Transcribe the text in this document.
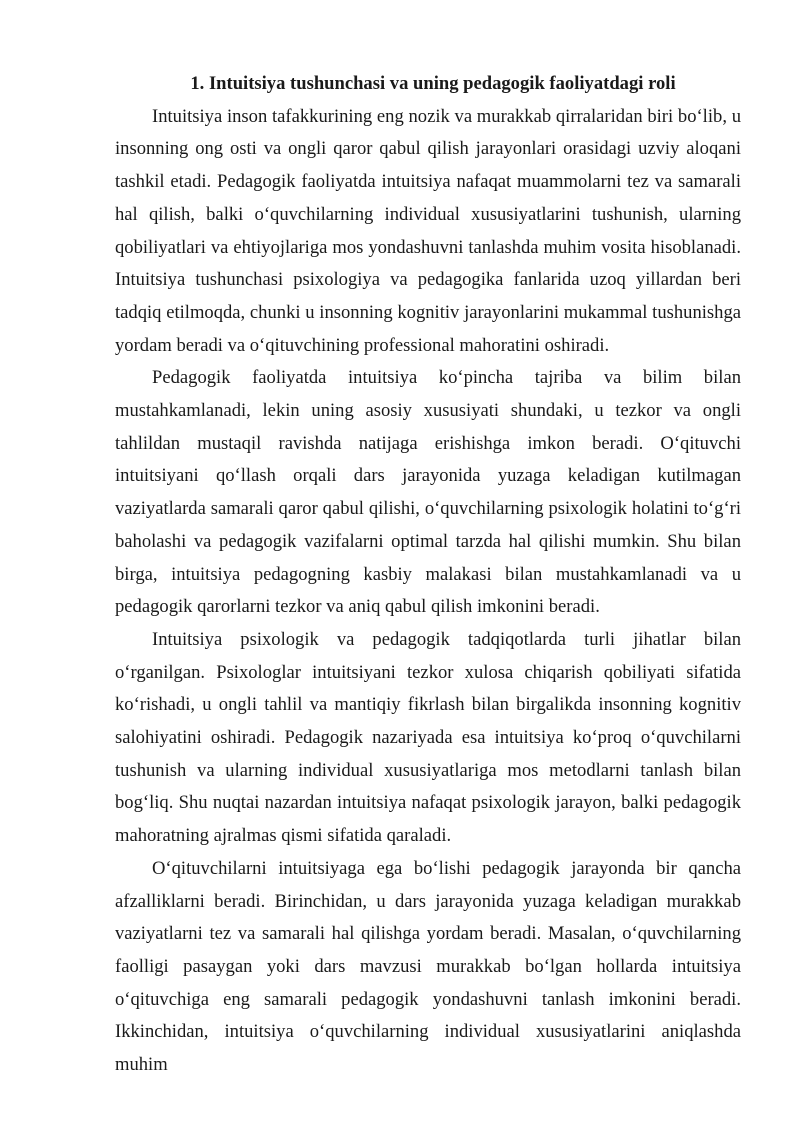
1. Intuitsiya tushunchasi va uning pedagogik faoliyatdagi roli

Intuitsiya inson tafakkurining eng nozik va murakkab qirralaridan biri bo‘lib, u insonning ong osti va ongli qaror qabul qilish jarayonlari orasidagi uzviy aloqani tashkil etadi. Pedagogik faoliyatda intuitsiya nafaqat muammolarni tez va samarali hal qilish, balki o‘quvchilarning individual xususiyatlarini tushunish, ularning qobiliyatlari va ehtiyojlariga mos yondashuvni tanlashda muhim vosita hisoblanadi. Intuitsiya tushunchasi psixologiya va pedagogika fanlarida uzoq yillardan beri tadqiq etilmoqda, chunki u insonning kognitiv jarayonlarini mukammal tushunishga yordam beradi va o‘qituvchining professional mahoratini oshiradi.

Pedagogik faoliyatda intuitsiya ko‘pincha tajriba va bilim bilan mustahkamlanadi, lekin uning asosiy xususiyati shundaki, u tezkor va ongli tahlildan mustaqil ravishda natijaga erishishga imkon beradi. O‘qituvchi intuitsiyani qo‘llash orqali dars jarayonida yuzaga keladigan kutilmagan vaziyatlarda samarali qaror qabul qilishi, o‘quvchilarning psixologik holatini to‘g‘ri baholashi va pedagogik vazifalarni optimal tarzda hal qilishi mumkin. Shu bilan birga, intuitsiya pedagogning kasbiy malakasi bilan mustahkamlanadi va u pedagogik qarorlarni tezkor va aniq qabul qilish imkonini beradi.

Intuitsiya psixologik va pedagogik tadqiqotlarda turli jihatlar bilan o‘rganilgan. Psixologlar intuitsiyani tezkor xulosa chiqarish qobiliyati sifatida ko‘rishadi, u ongli tahlil va mantiqiy fikrlash bilan birgalikda insonning kognitiv salohiyatini oshiradi. Pedagogik nazariyada esa intuitsiya ko‘proq o‘quvchilarni tushunish va ularning individual xususiyatlariga mos metodlarni tanlash bilan bog‘liq. Shu nuqtai nazardan intuitsiya nafaqat psixologik jarayon, balki pedagogik mahoratning ajralmas qismi sifatida qaraladi.

O‘qituvchilarni intuitsiyaga ega bo‘lishi pedagogik jarayonda bir qancha afzalliklarni beradi. Birinchidan, u dars jarayonida yuzaga keladigan murakkab vaziyatlarni tez va samarali hal qilishga yordam beradi. Masalan, o‘quvchilarning faolligi pasaygan yoki dars mavzusi murakkab bo‘lgan hollarda intuitsiya o‘qituvchiga eng samarali pedagogik yondashuvni tanlash imkonini beradi. Ikkinchidan, intuitsiya o‘quvchilarning individual xususiyatlarini aniqlashda muhim
